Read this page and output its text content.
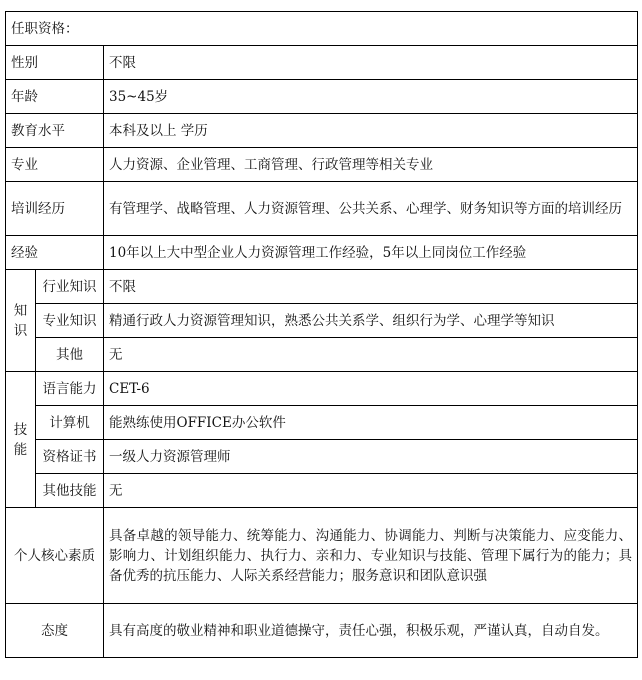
任职资格：		
性别		不限
年龄		35~45岁
教育水平		本科及以上 学历
专业		人力资源、企业管理、工商管理、行政管理等相关专业
培训经历		有管理学、战略管理、人力资源管理、公共关系、心理学、财务知识等方面的培训经历
经验		10年以上大中型企业人力资源管理工作经验，5年以上同岗位工作经验
知识	行业知识	不限
	专业知识	精通行政人力资源管理知识，熟悉公共关系学、组织行为学、心理学等知识
	其他	无
技能	语言能力	CET-6
	计算机	能熟练使用OFFICE办公软件
	资格证书	一级人力资源管理师
	其他技能	无
个人核心素质		具备卓越的领导能力、统筹能力、沟通能力、协调能力、判断与决策能力、应变能力、影响力、计划组织能力、执行力、亲和力、专业知识与技能、管理下属行为的能力；具备优秀的抗压能力、人际关系经营能力；服务意识和团队意识强
态度		具有高度的敬业精神和职业道德操守，责任心强，积极乐观，严谨认真，自动自发。
